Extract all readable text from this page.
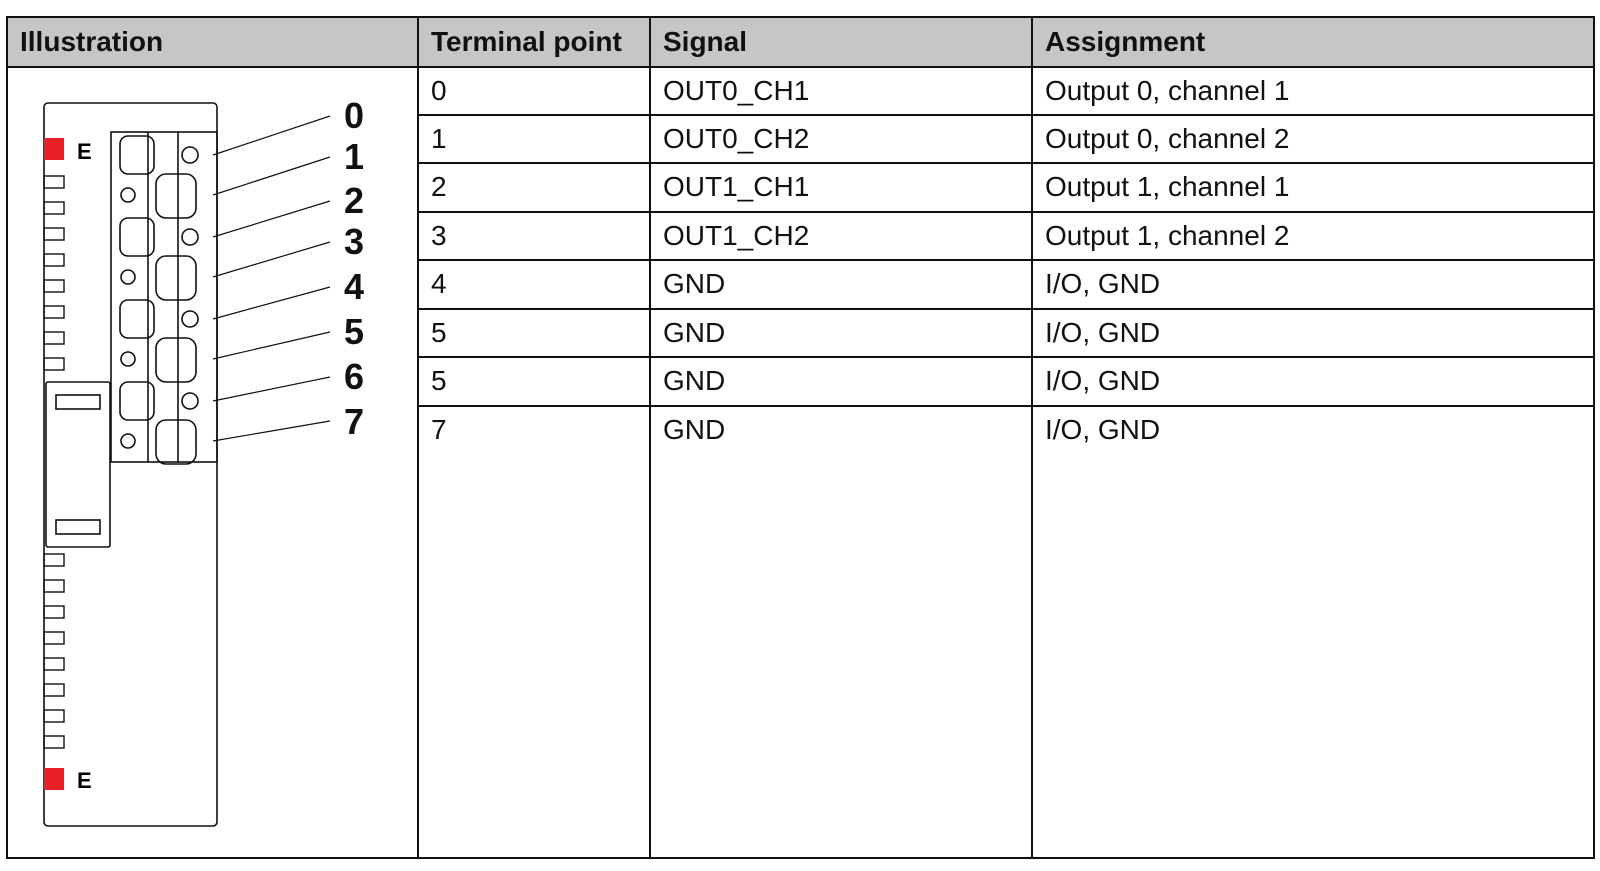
Illustration	Terminal point	Signal	Assignment
E
E
0
1
2
3
4
5
6
7
0	OUT0_CH1	Output 0, channel 1
1	OUT0_CH2	Output 0, channel 2
2	OUT1_CH1	Output 1, channel 1
3	OUT1_CH2	Output 1, channel 2
4	GND	I/O, GND
5	GND	I/O, GND
5	GND	I/O, GND
7	GND	I/O, GND
